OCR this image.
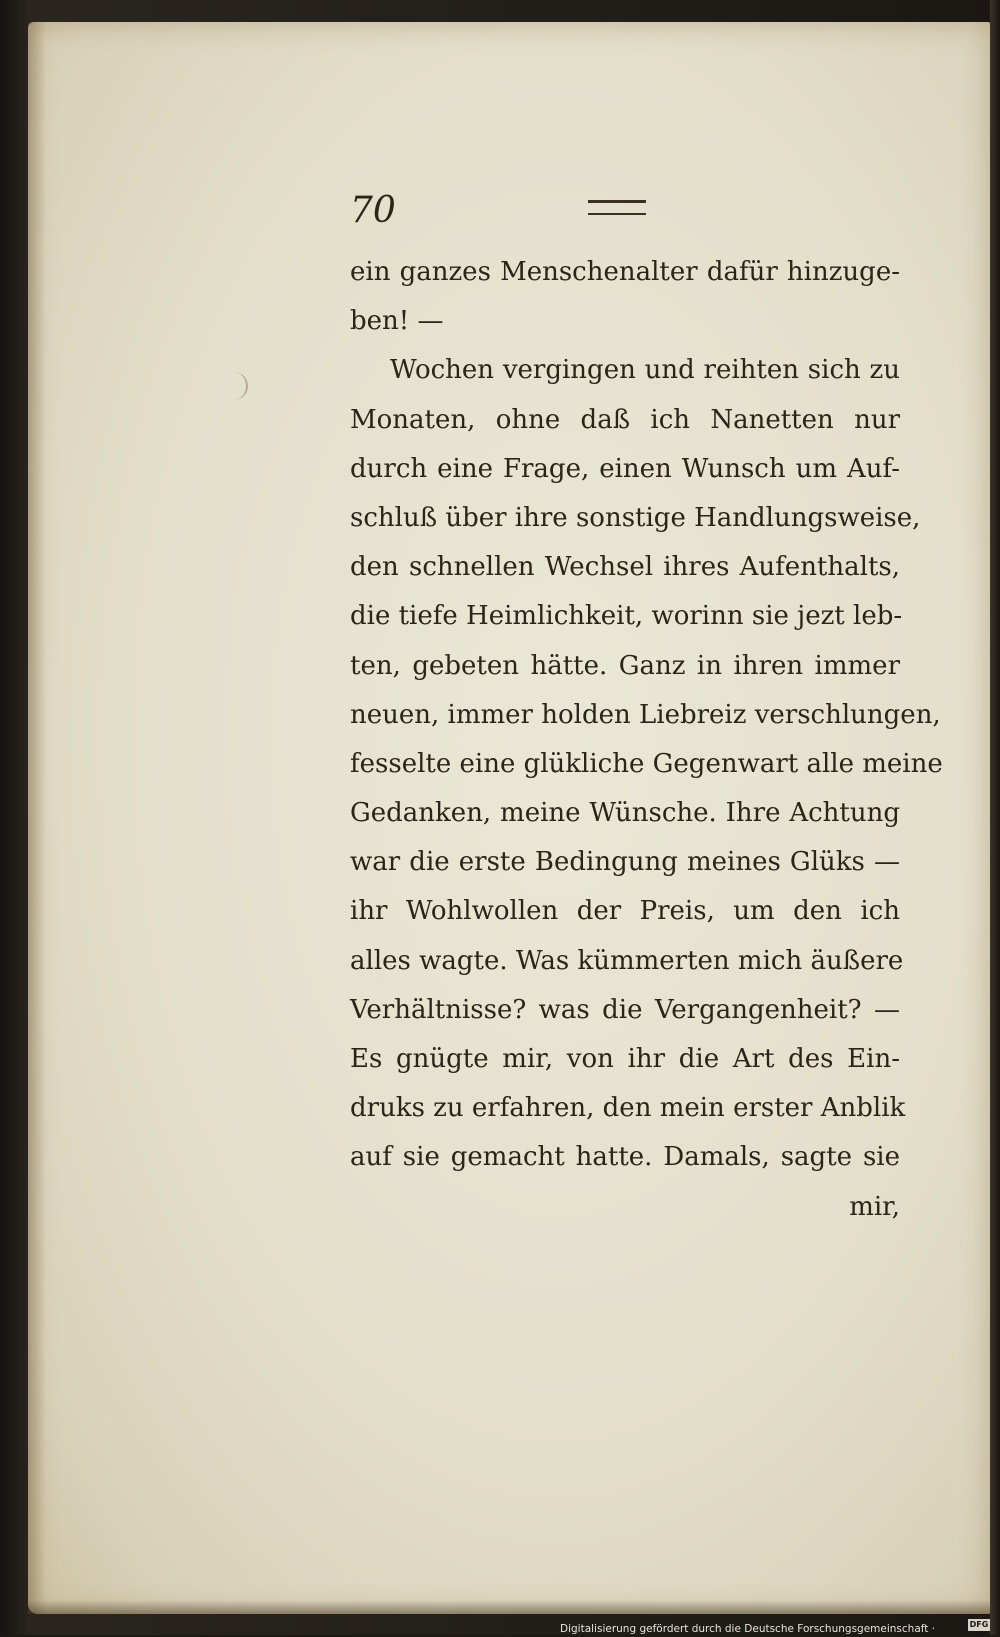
70
ein ganzes Menschenalter dafür hinzuge-
ben! —
Wochen vergingen und reihten sich zu
Monaten, ohne daß ich Nanetten nur
durch eine Frage, einen Wunsch um Auf-
schluß über ihre sonstige Handlungsweise,
den schnellen Wechsel ihres Aufenthalts,
die tiefe Heimlichkeit, worinn sie jezt leb-
ten, gebeten hätte. Ganz in ihren immer
neuen, immer holden Liebreiz verschlungen,
fesselte eine glükliche Gegenwart alle meine
Gedanken, meine Wünsche. Ihre Achtung
war die erste Bedingung meines Glüks —
ihr Wohlwollen der Preis, um den ich
alles wagte. Was kümmerten mich äußere
Verhältnisse? was die Vergangenheit? —
Es gnügte mir, von ihr die Art des Ein-
druks zu erfahren, den mein erster Anblik
auf sie gemacht hatte. Damals, sagte sie
mir,
Digitalisierung gefördert durch die Deutsche Forschungsgemeinschaft ·	DFG
